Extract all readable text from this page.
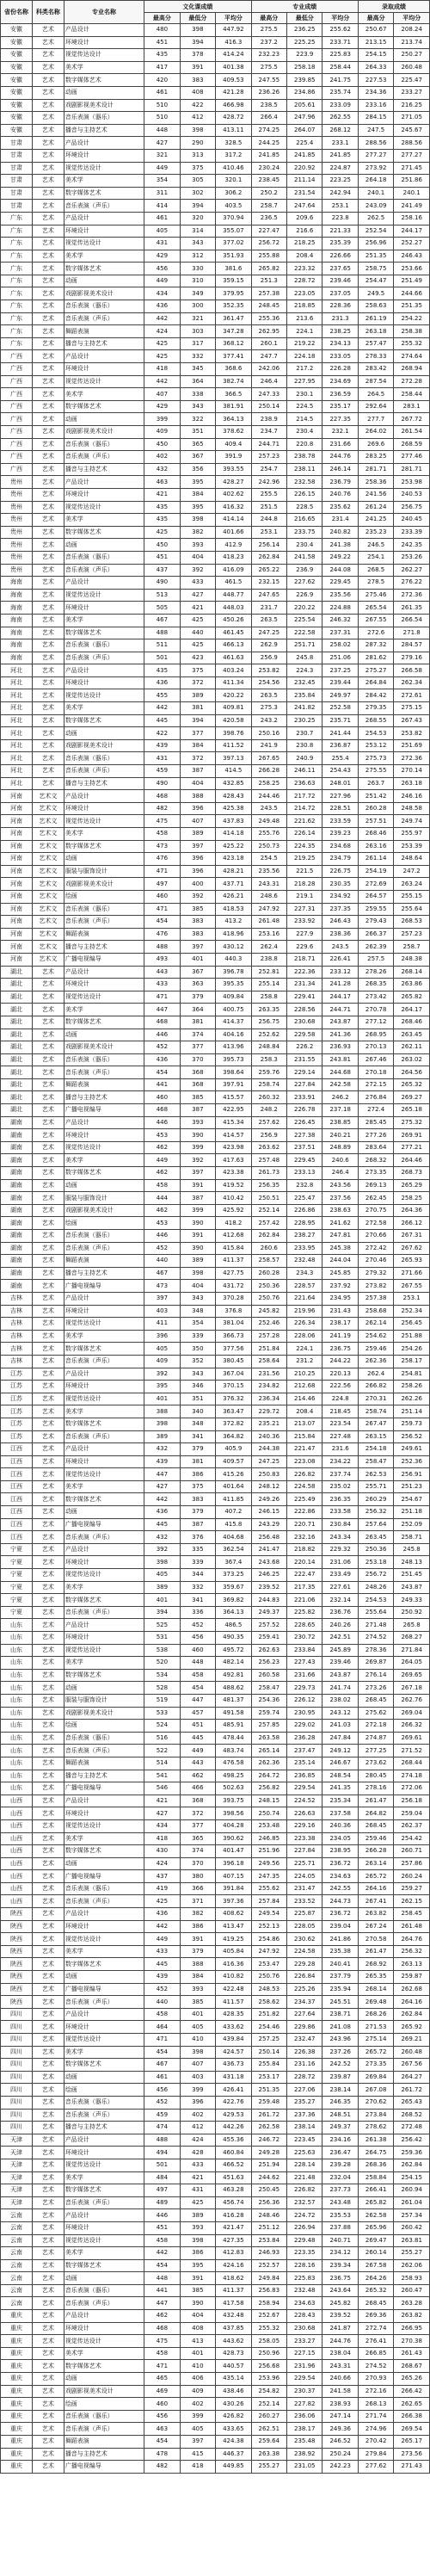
省份名称	科类名称	专业名称	文化课成绩			专业成绩			录取成绩	
			最高分	最低分	平均分	最高分	最低分	平均分	最高分	平均分
安徽	艺术	产品设计	480	398	447.92	275.5	236.25	255.62	250.67	208.24
安徽	艺术	环境设计	451	394	416.3	237.2	225.25	233.71	213.15	213.74
安徽	艺术	视觉传达设计	435	378	414.24	232.23	223.9	225.83	254.15	250.27
安徽	艺术	美术学	417	391	401.38	275.5	258.18	258.44	264.33	260.48
安徽	艺术	数字媒体艺术	420	383	409.53	247.55	239.85	241.75	227.53	225.47
安徽	艺术	动画	461	408	421.28	236.26	234.86	235.74	234.36	233.27
安徽	艺术	戏剧影视美术设计	510	422	466.98	238.5	205.61	233.09	233.16	216.25
安徽	艺术	音乐表演（器乐）	510	412	428.72	266.4	247.96	262.55	284.15	271.05
安徽	艺术	播音与主持艺术	448	398	413.11	274.25	264.07	268.12	247.5	245.67
甘肃	艺术	产品设计	427	290	328.5	244.25	225.4	233.1	288.56	288.56
甘肃	艺术	环境设计	321	313	317.2	241.85	241.85	241.85	277.27	277.27
甘肃	艺术	视觉传达设计	449	375	410.46	230.24	220.92	224.87	273.92	271.45
甘肃	艺术	美术学	354	305	320.1	238.45	211.14	223.25	264.18	251.86
甘肃	艺术	数字媒体艺术	311	302	306.2	250.2	231.54	242.94	240.1	240.1
甘肃	艺术	音乐表演（声乐）	414	394	403.5	258.7	247.64	253.1	243.09	241.49
广东	艺术	产品设计	461	320	370.94	236.5	209.6	223.8	262.5	258.16
广东	艺术	环境设计	405	314	355.07	227.47	216.6	221.33	252.54	244.17
广东	艺术	视觉传达设计	431	343	377.02	256.72	218.25	235.39	256.96	252.27
广东	艺术	美术学	429	312	351.93	255.88	208.4	226.66	251.35	246.43
广东	艺术	数字媒体艺术	456	330	381.6	265.82	223.32	237.65	258.75	253.66
广东	艺术	动画	449	310	359.15	251.3	228.72	239.46	254.47	251.49
广东	艺术	戏剧影视美术设计	434	349	379.95	257.38	223.05	237.05	249.5	244.66
广东	艺术	音乐表演（器乐）	436	300	352.35	248.45	218.85	228.36	258.63	251.35
广东	艺术	音乐表演（声乐）	442	321	361.47	255.36	213.6	231.3	261.19	254.22
广东	艺术	舞蹈表演	424	303	347.28	262.95	224.1	238.25	263.18	258.38
广东	艺术	播音与主持艺术	425	317	368.12	260.1	219.22	234.13	257.47	255.32
广西	艺术	产品设计	425	332	377.41	247.7	224.18	233.05	278.33	274.64
广西	艺术	环境设计	418	345	368.6	242.06	217.2	226.28	283.42	268.94
广西	艺术	视觉传达设计	442	364	382.74	246.4	227.95	234.69	287.54	272.28
广西	艺术	美术学	407	338	366.5	247.33	230.1	236.59	264.5	258.44
广西	艺术	数字媒体艺术	429	343	381.91	250.14	224.5	235.17	292.64	283.1
广西	艺术	动画	399	322	364.13	238.9	214.5	227.35	277.7	267.72
广西	艺术	戏剧影视美术设计	409	351	378.62	234.7	230.4	232.1	264.02	261.54
广西	艺术	音乐表演（器乐）	450	365	409.4	244.71	220.8	231.66	269.6	268.59
广西	艺术	音乐表演（声乐）	402	367	391.9	257.23	238.78	244.76	283.25	277.46
广西	艺术	播音与主持艺术	432	356	393.55	254.7	238.11	246.14	281.71	281.71
贵州	艺术	产品设计	463	395	428.27	242.96	232.58	236.79	258.36	253.98
贵州	艺术	环境设计	421	384	402.62	255.5	226.15	240.76	241.56	240.53
贵州	艺术	视觉传达设计	435	395	416.32	251.5	228.5	235.62	261.24	256.75
贵州	艺术	美术学	435	398	414.14	244.8	216.65	231.4	241.25	240.45
贵州	艺术	数字媒体艺术	425	382	401.66	253.1	233.75	240.82	235.23	233.39
贵州	艺术	动画	450	393	412.9	256.14	230.4	241.38	246.5	242.35
贵州	艺术	音乐表演（器乐）	451	404	418.23	262.84	241.58	249.22	254.1	253.26
贵州	艺术	音乐表演（声乐）	437	392	416.09	265.22	236.9	244.08	268.5	262.27
海南	艺术	产品设计	490	433	461.5	232.15	227.62	229.45	278.5	276.22
海南	艺术	视觉传达设计	513	427	448.77	247.65	226.9	235.56	275.46	272.36
海南	艺术	环境设计	505	421	448.03	231.7	220.22	224.88	265.54	261.35
海南	艺术	美术学	467	425	450.26	263.5	225.54	246.32	267.55	266.54
海南	艺术	数字媒体艺术	488	440	461.45	247.25	222.58	237.31	272.6	271.8
海南	艺术	音乐表演（器乐）	511	425	466.13	262.9	251.71	258.02	287.32	284.57
海南	艺术	音乐表演（声乐）	501	423	461.63	256.9	245.8	251.06	281.62	279.16
河北	艺术	产品设计	435	375	403.24	253.82	224.3	237.25	275.27	266.58
河北	艺术	环境设计	436	372	411.34	254.56	232.45	239.44	264.84	262.34
河北	艺术	视觉传达设计	455	389	420.22	263.5	235.84	249.97	284.42	272.61
河北	艺术	美术学	442	381	409.81	275.3	241.82	252.58	279.35	275.15
河北	艺术	数字媒体艺术	445	394	420.58	243.2	230.25	235.71	268.55	267.43
河北	艺术	动画	422	377	398.76	250.16	230.7	241.44	254.53	253.82
河北	艺术	戏剧影视美术设计	439	384	411.52	241.9	230.8	236.87	253.12	251.69
河北	艺术	音乐表演（器乐）	431	372	397.13	267.65	240.9	255.4	275.73	272.36
河北	艺术	音乐表演（声乐）	459	387	414.5	266.28	246.11	254.43	275.55	270.14
河北	艺术	播音与主持艺术	490	404	432.85	258.25	236.63	248.01	263.7	263.18
河南	艺术文	产品设计	468	388	428.43	244.46	217.72	227.96	251.42	246.16
河南	艺术文	环境设计	482	396	425.38	243.5	214.72	228.51	260.28	248.58
河南	艺术文	视觉传达设计	475	407	437.83	249.48	221.62	233.59	257.51	249.74
河南	艺术文	美术学	458	389	414.18	255.76	226.14	239.23	268.46	255.97
河南	艺术文	数字媒体艺术	473	397	425.22	250.73	224.35	234.68	263.16	253.39
河南	艺术文	动画	476	396	423.18	254.5	219.25	234.79	261.14	248.64
河南	艺术文	服装与服饰设计	471	396	428.21	235.56	221.5	226.75	254.19	247.2
河南	艺术文	戏剧影视美术设计	497	400	437.71	243.31	218.28	230.35	272.69	263.24
河南	艺术文	绘画	460	392	426.21	248.6	219.1	234.92	264.57	255.15
河南	艺术文	音乐表演（器乐）	471	385	418.53	247.92	227.31	237.35	259.55	255.64
河南	艺术文	音乐表演（声乐）	454	383	413.2	261.48	233.92	246.43	279.43	268.53
河南	艺术文	舞蹈表演	476	383	418.96	253.16	227.9	238.36	266.37	257.23
河南	艺术文	播音与主持艺术	488	397	430.12	262.4	229.6	243.5	262.39	258.7
河南	艺术文	广播电视编导	493	401	440.3	238.8	218.71	226.41	257.5	248.38
湖北	艺术	产品设计	443	367	396.78	252.81	222.36	233.12	278.26	268.14
湖北	艺术	环境设计	433	363	395.35	255.14	231.34	241.28	268.35	263.86
湖北	艺术	视觉传达设计	471	379	409.84	258.8	229.41	244.17	273.42	265.82
湖北	艺术	美术学	447	364	400.75	263.35	228.56	244.71	270.78	264.17
湖北	艺术	数字媒体艺术	468	381	414.37	256.75	230.68	243.87	277.12	268.46
湖北	艺术	动画	446	374	404.16	252.62	229.58	241.36	268.95	263.45
湖北	艺术	戏剧影视美术设计	452	377	413.96	248.84	226.2	236.93	270.13	262.11
湖北	艺术	音乐表演（器乐）	436	370	395.73	258.3	231.55	243.81	267.46	263.02
湖北	艺术	音乐表演（声乐）	454	368	398.64	259.76	229.14	244.68	270.18	264.56
湖北	艺术	舞蹈表演	441	368	397.91	258.74	227.84	242.58	272.15	265.32
湖北	艺术	播音与主持艺术	460	385	415.57	260.32	233.91	246.2	276.84	269.27
湖北	艺术	广播电视编导	468	387	422.95	248.2	226.78	237.18	272.4	265.18
湖南	艺术	产品设计	446	393	415.34	257.62	226.45	238.85	285.45	275.32
湖南	艺术	环境设计	453	390	414.57	256.9	227.38	240.21	277.26	269.91
湖南	艺术	视觉传达设计	462	399	423.98	263.62	237.51	248.89	283.64	277.21
湖南	艺术	美术学	449	392	417.63	257.48	229.45	240.6	268.32	264.46
湖南	艺术	数字媒体艺术	462	397	423.38	261.73	233.13	246.4	273.35	268.73
湖南	艺术	动画	458	391	419.52	256.35	232.8	243.56	269.13	265.29
湖南	艺术	服装与服饰设计	444	387	410.42	250.51	225.47	237.56	262.45	258.25
湖南	艺术	戏剧影视美术设计	462	399	425.92	252.14	226.86	238.63	270.75	264.36
湖南	艺术	绘画	453	390	418.2	257.42	228.95	241.62	272.58	266.12
湖南	艺术	音乐表演（器乐）	446	391	412.68	262.84	238.27	247.81	270.66	267.31
湖南	艺术	音乐表演（声乐）	452	390	415.84	260.6	233.95	245.38	272.42	267.62
湖南	艺术	舞蹈表演	440	389	411.37	258.57	232.48	244.04	270.46	265.93
湖南	艺术	播音与主持艺术	467	398	427.75	260.28	234.3	245.85	279.32	271.66
湖南	艺术	广播电视编导	473	404	431.72	250.36	228.57	237.92	273.82	267.55
吉林	艺术	产品设计	397	343	370.28	250.76	221.64	234.95	257.38	253.1
吉林	艺术	环境设计	403	348	376.8	245.82	219.96	231.43	258.68	252.34
吉林	艺术	视觉传达设计	411	354	381.04	252.46	226.34	238.17	262.14	256.45
吉林	艺术	美术学	396	339	366.73	257.28	228.06	241.19	254.62	251.88
吉林	艺术	数字媒体艺术	405	350	377.56	251.84	224.1	236.75	259.46	254.26
吉林	艺术	音乐表演（声乐）	409	352	380.45	258.64	231.2	244.22	262.36	258.17
江苏	艺术	产品设计	392	343	367.04	231.56	210.25	220.13	262.4	254.81
江苏	艺术	环境设计	395	346	370.15	234.82	212.68	222.56	266.82	258.26
江苏	艺术	视觉传达设计	401	351	376.32	236.34	214.46	224.8	270.31	262.26
江苏	艺术	美术学	388	340	363.47	229.72	208.4	218.45	258.74	251.14
江苏	艺术	数字媒体艺术	398	348	372.82	235.21	213.07	223.54	267.47	259.73
江苏	艺术	音乐表演（声乐）	389	341	364.82	240.36	215.84	227.48	263.15	256.52
江西	艺术	产品设计	432	379	405.9	244.38	221.47	231.6	254.18	249.61
江西	艺术	环境设计	439	381	409.57	247.25	223.08	234.22	258.47	252.36
江西	艺术	视觉传达设计	447	386	415.26	250.83	226.82	237.74	262.53	256.91
江西	艺术	美术学	427	375	401.64	248.12	224.58	235.02	255.71	251.23
江西	艺术	数字媒体艺术	442	383	411.85	249.26	225.49	236.35	260.29	254.67
江西	艺术	动画	436	379	407.2	246.15	222.86	233.58	256.32	251.18
江西	艺术	广播电视编导	445	387	415.8	243.29	220.71	230.84	257.64	252.09
江西	艺术	音乐表演（声乐）	432	376	404.68	256.48	232.16	243.34	263.45	258.71
宁夏	艺术	产品设计	392	335	362.54	241.47	218.82	229.32	250.36	245.8
宁夏	艺术	环境设计	398	339	367.4	243.68	220.14	231.06	253.18	248.13
宁夏	艺术	视觉传达设计	405	344	373.25	246.25	222.47	233.49	256.72	251.45
宁夏	艺术	美术学	389	332	359.67	239.52	217.35	227.61	248.26	243.87
宁夏	艺术	数字媒体艺术	401	341	369.82	244.83	221.06	232.14	254.53	249.33
宁夏	艺术	音乐表演（声乐）	394	336	364.13	249.37	225.82	236.76	255.64	250.92
山东	艺术	产品设计	525	452	486.5	257.52	228.65	240.26	271.48	265.8
山东	艺术	环境设计	531	456	490.35	259.41	230.72	242.51	274.52	268.27
山东	艺术	视觉传达设计	538	460	495.72	262.63	233.84	245.89	278.36	271.84
山东	艺术	美术学	520	448	482.14	256.23	227.43	239.46	269.87	264.05
山东	艺术	数字媒体艺术	534	458	492.81	260.58	231.66	243.87	276.14	269.65
山东	艺术	动画	528	454	488.62	258.47	229.73	241.74	273.26	267.18
山东	艺术	服装与服饰设计	519	447	481.37	254.36	226.12	238.02	268.45	262.76
山东	艺术	戏剧影视美术设计	533	457	491.58	259.74	230.95	243.12	275.62	269.04
山东	艺术	绘画	524	451	485.91	257.85	229.02	241.03	272.18	266.32
山东	艺术	音乐表演（器乐）	516	445	478.44	263.58	236.28	247.84	274.87	269.61
山东	艺术	音乐表演（声乐）	522	449	483.74	265.14	237.47	249.12	277.25	271.52
山东	艺术	舞蹈表演	514	443	476.58	262.36	235.14	246.67	273.62	268.44
山东	艺术	播音与主持艺术	541	462	498.25	264.72	236.85	248.54	280.45	274.18
山东	艺术	广播电视编导	546	466	502.63	256.82	229.54	241.35	278.16	272.06
山西	艺术	产品设计	421	368	393.75	248.15	224.52	235.34	261.47	256.18
山西	艺术	环境设计	427	372	398.56	250.74	226.63	237.58	264.82	259.04
山西	艺术	视觉传达设计	434	377	404.28	253.48	229.16	240.36	268.45	262.37
山西	艺术	美术学	418	365	390.62	246.85	223.38	234.05	259.46	254.42
山西	艺术	数字媒体艺术	430	374	401.47	251.96	227.84	238.95	266.28	260.71
山西	艺术	动画	424	370	396.18	249.56	225.71	236.72	263.14	257.86
山西	艺术	广播电视编导	437	380	407.15	247.35	224.05	234.63	265.72	260.24
山西	艺术	音乐表演（器乐）	419	366	391.84	255.62	231.47	242.55	264.16	259.27
山西	艺术	音乐表演（声乐）	425	371	397.36	257.84	233.52	244.73	267.41	262.15
陕西	艺术	产品设计	436	382	408.62	249.54	225.87	236.72	263.82	258.45
陕西	艺术	环境设计	442	386	413.47	252.13	228.05	239.04	267.24	261.48
陕西	艺术	视觉传达设计	449	391	419.25	254.86	230.62	241.86	270.58	264.76
陕西	艺术	美术学	433	379	405.84	247.92	224.58	235.38	261.47	256.32
陕西	艺术	数字媒体艺术	445	388	416.36	253.47	229.28	240.41	268.92	263.13
陕西	艺术	动画	439	384	410.82	250.76	226.84	237.79	265.35	259.87
陕西	艺术	广播电视编导	452	393	422.48	248.53	225.26	235.94	268.14	262.68
陕西	艺术	音乐表演（声乐）	440	385	411.57	258.62	234.37	245.51	269.48	264.16
四川	艺术	产品设计	458	401	428.35	251.82	227.64	238.71	268.26	262.84
四川	艺术	环境设计	464	405	433.62	254.46	229.86	241.08	271.53	265.92
四川	艺术	视觉传达设计	471	410	439.84	257.25	232.47	243.96	275.14	269.21
四川	艺术	美术学	454	398	424.57	250.14	226.38	237.26	265.72	260.48
四川	艺术	数字媒体艺术	467	407	436.73	255.84	231.16	242.52	273.35	267.56
四川	艺术	动画	461	403	431.18	253.17	228.72	239.87	269.84	264.27
四川	艺术	绘画	456	399	426.41	251.35	227.06	238.14	267.08	261.72
四川	艺术	音乐表演（器乐）	452	396	422.76	259.48	235.27	246.35	270.62	265.43
四川	艺术	音乐表演（声乐）	459	402	429.53	261.72	237.36	248.51	273.84	268.52
四川	艺术	播音与主持艺术	474	412	442.26	262.58	238.14	249.37	278.62	272.48
天津	艺术	产品设计	488	424	455.36	246.72	223.45	234.16	261.38	256.42
天津	艺术	环境设计	494	428	460.84	249.28	225.63	236.47	264.75	259.36
天津	艺术	视觉传达设计	501	433	466.52	251.94	228.14	239.28	268.36	262.84
天津	艺术	美术学	484	421	451.63	244.62	221.48	232.04	258.84	254.15
天津	艺术	数字媒体艺术	497	431	463.28	250.45	226.82	237.73	266.41	260.94
天津	艺术	音乐表演（声乐）	489	425	456.74	256.36	232.57	243.48	265.82	261.04
云南	艺术	产品设计	446	389	416.28	248.46	224.72	235.53	262.58	257.34
云南	艺术	环境设计	451	393	421.47	251.12	226.94	237.88	265.96	260.42
云南	艺术	视觉传达设计	458	398	427.35	253.84	229.48	240.71	269.47	263.81
云南	艺术	美术学	442	386	412.83	246.93	223.35	234.12	260.14	255.27
云南	艺术	数字媒体艺术	454	395	424.16	252.57	228.16	239.34	267.58	262.06
云南	艺术	动画	448	391	418.62	249.84	225.83	236.75	264.26	258.93
云南	艺术	音乐表演（器乐）	441	385	411.37	256.83	232.48	243.64	265.32	260.47
云南	艺术	音乐表演（声乐）	447	390	417.58	258.94	234.63	245.82	268.45	263.28
重庆	艺术	产品设计	462	404	432.48	252.67	228.43	239.52	269.36	263.82
重庆	艺术	环境设计	468	408	437.85	255.32	230.68	241.87	272.74	266.95
重庆	艺术	视觉传达设计	475	413	443.62	258.05	233.27	244.76	276.41	270.38
重庆	艺术	美术学	458	401	428.73	250.96	227.15	238.04	266.85	261.43
重庆	艺术	数字媒体艺术	471	410	440.57	256.68	231.96	243.31	274.52	268.67
重庆	艺术	动画	465	406	435.14	253.96	229.54	240.66	270.93	265.26
重庆	艺术	戏剧影视美术设计	469	409	438.46	254.82	230.37	241.58	272.16	266.42
重庆	艺术	绘画	460	402	430.26	252.14	227.82	238.93	268.13	262.65
重庆	艺术	音乐表演（器乐）	456	399	426.82	260.27	236.06	247.14	271.74	266.38
重庆	艺术	音乐表演（声乐）	463	405	433.65	262.51	238.17	249.36	274.96	269.54
重庆	艺术	舞蹈表演	454	397	424.38	259.64	235.48	246.52	270.42	265.17
重庆	艺术	播音与主持艺术	478	415	446.37	263.38	238.92	250.24	279.84	273.56
重庆	艺术	广播电视编导	482	418	449.85	255.27	231.05	242.23	277.62	271.43
